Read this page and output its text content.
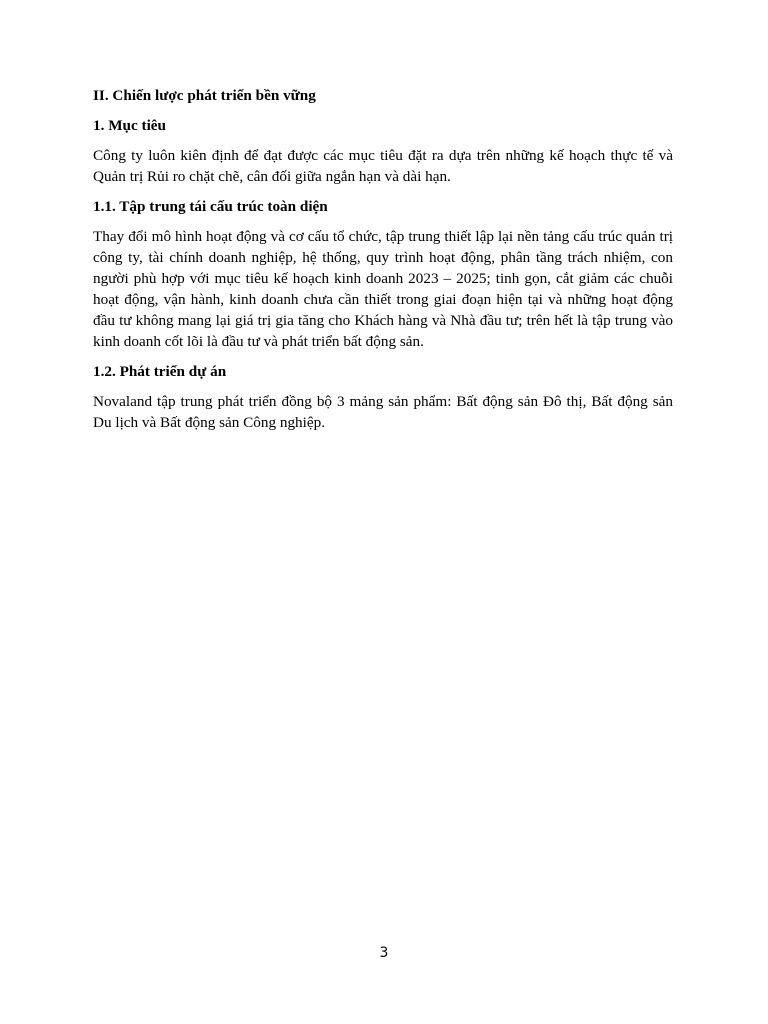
II. Chiến lược phát triển bền vững
1. Mục tiêu

Công ty luôn kiên định để đạt được các mục tiêu đặt ra dựa trên những kế hoạch thực tế và Quản trị Rủi ro chặt chẽ, cân đối giữa ngắn hạn và dài hạn.

1.1. Tập trung tái cấu trúc toàn diện

Thay đổi mô hình hoạt động và cơ cấu tổ chức, tập trung thiết lập lại nền tảng cấu trúc quản trị công ty, tài chính doanh nghiệp, hệ thống, quy trình hoạt động, phân tầng trách nhiệm, con người phù hợp với mục tiêu kế hoạch kinh doanh 2023 – 2025; tinh gọn, cắt giảm các chuỗi hoạt động, vận hành, kinh doanh chưa cần thiết trong giai đoạn hiện tại và những hoạt động đầu tư không mang lại giá trị gia tăng cho Khách hàng và Nhà đầu tư; trên hết là tập trung vào kinh doanh cốt lõi là đầu tư và phát triển bất động sản.

1.2. Phát triển dự án

Novaland tập trung phát triển đồng bộ 3 mảng sản phẩm: Bất động sản Đô thị, Bất động sản Du lịch và Bất động sản Công nghiệp.

3
